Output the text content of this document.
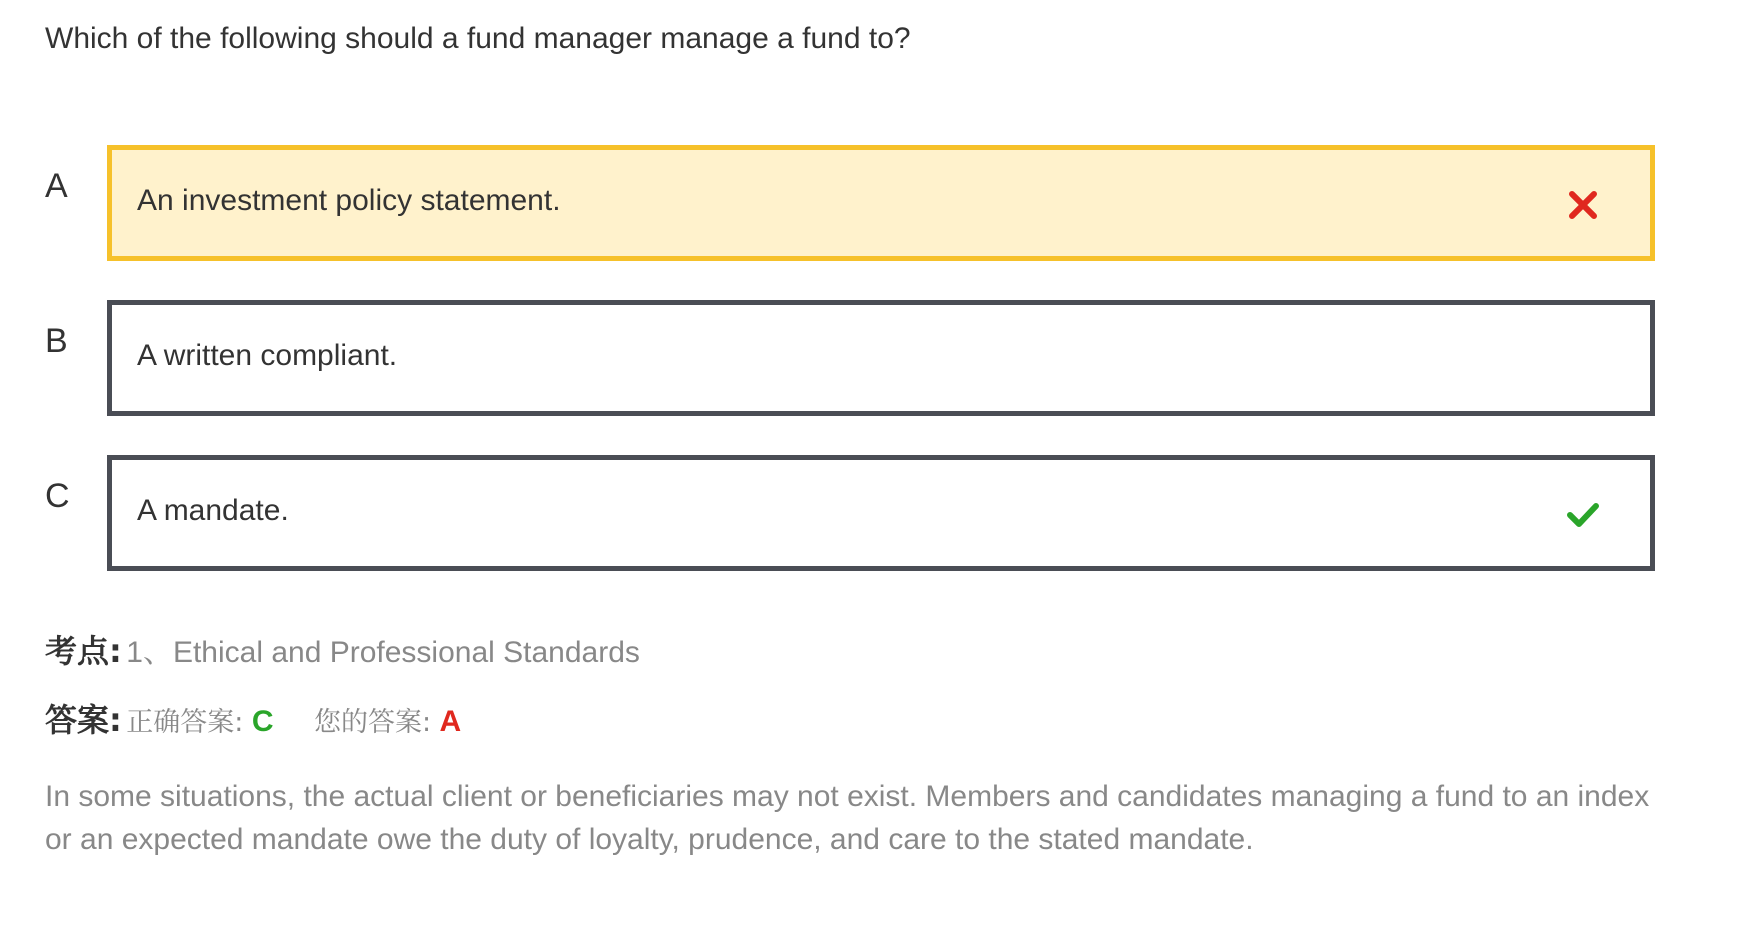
Which of the following should a fund manager manage a fund to?
A An investment policy statement.
B A written compliant.
C A mandate.
考点: 1、Ethical and Professional Standards
答案: 正确答案: C 您的答案: A
In some situations, the actual client or beneficiaries may not exist. Members and candidates managing a fund to an index or an expected mandate owe the duty of loyalty, prudence, and care to the stated mandate.
